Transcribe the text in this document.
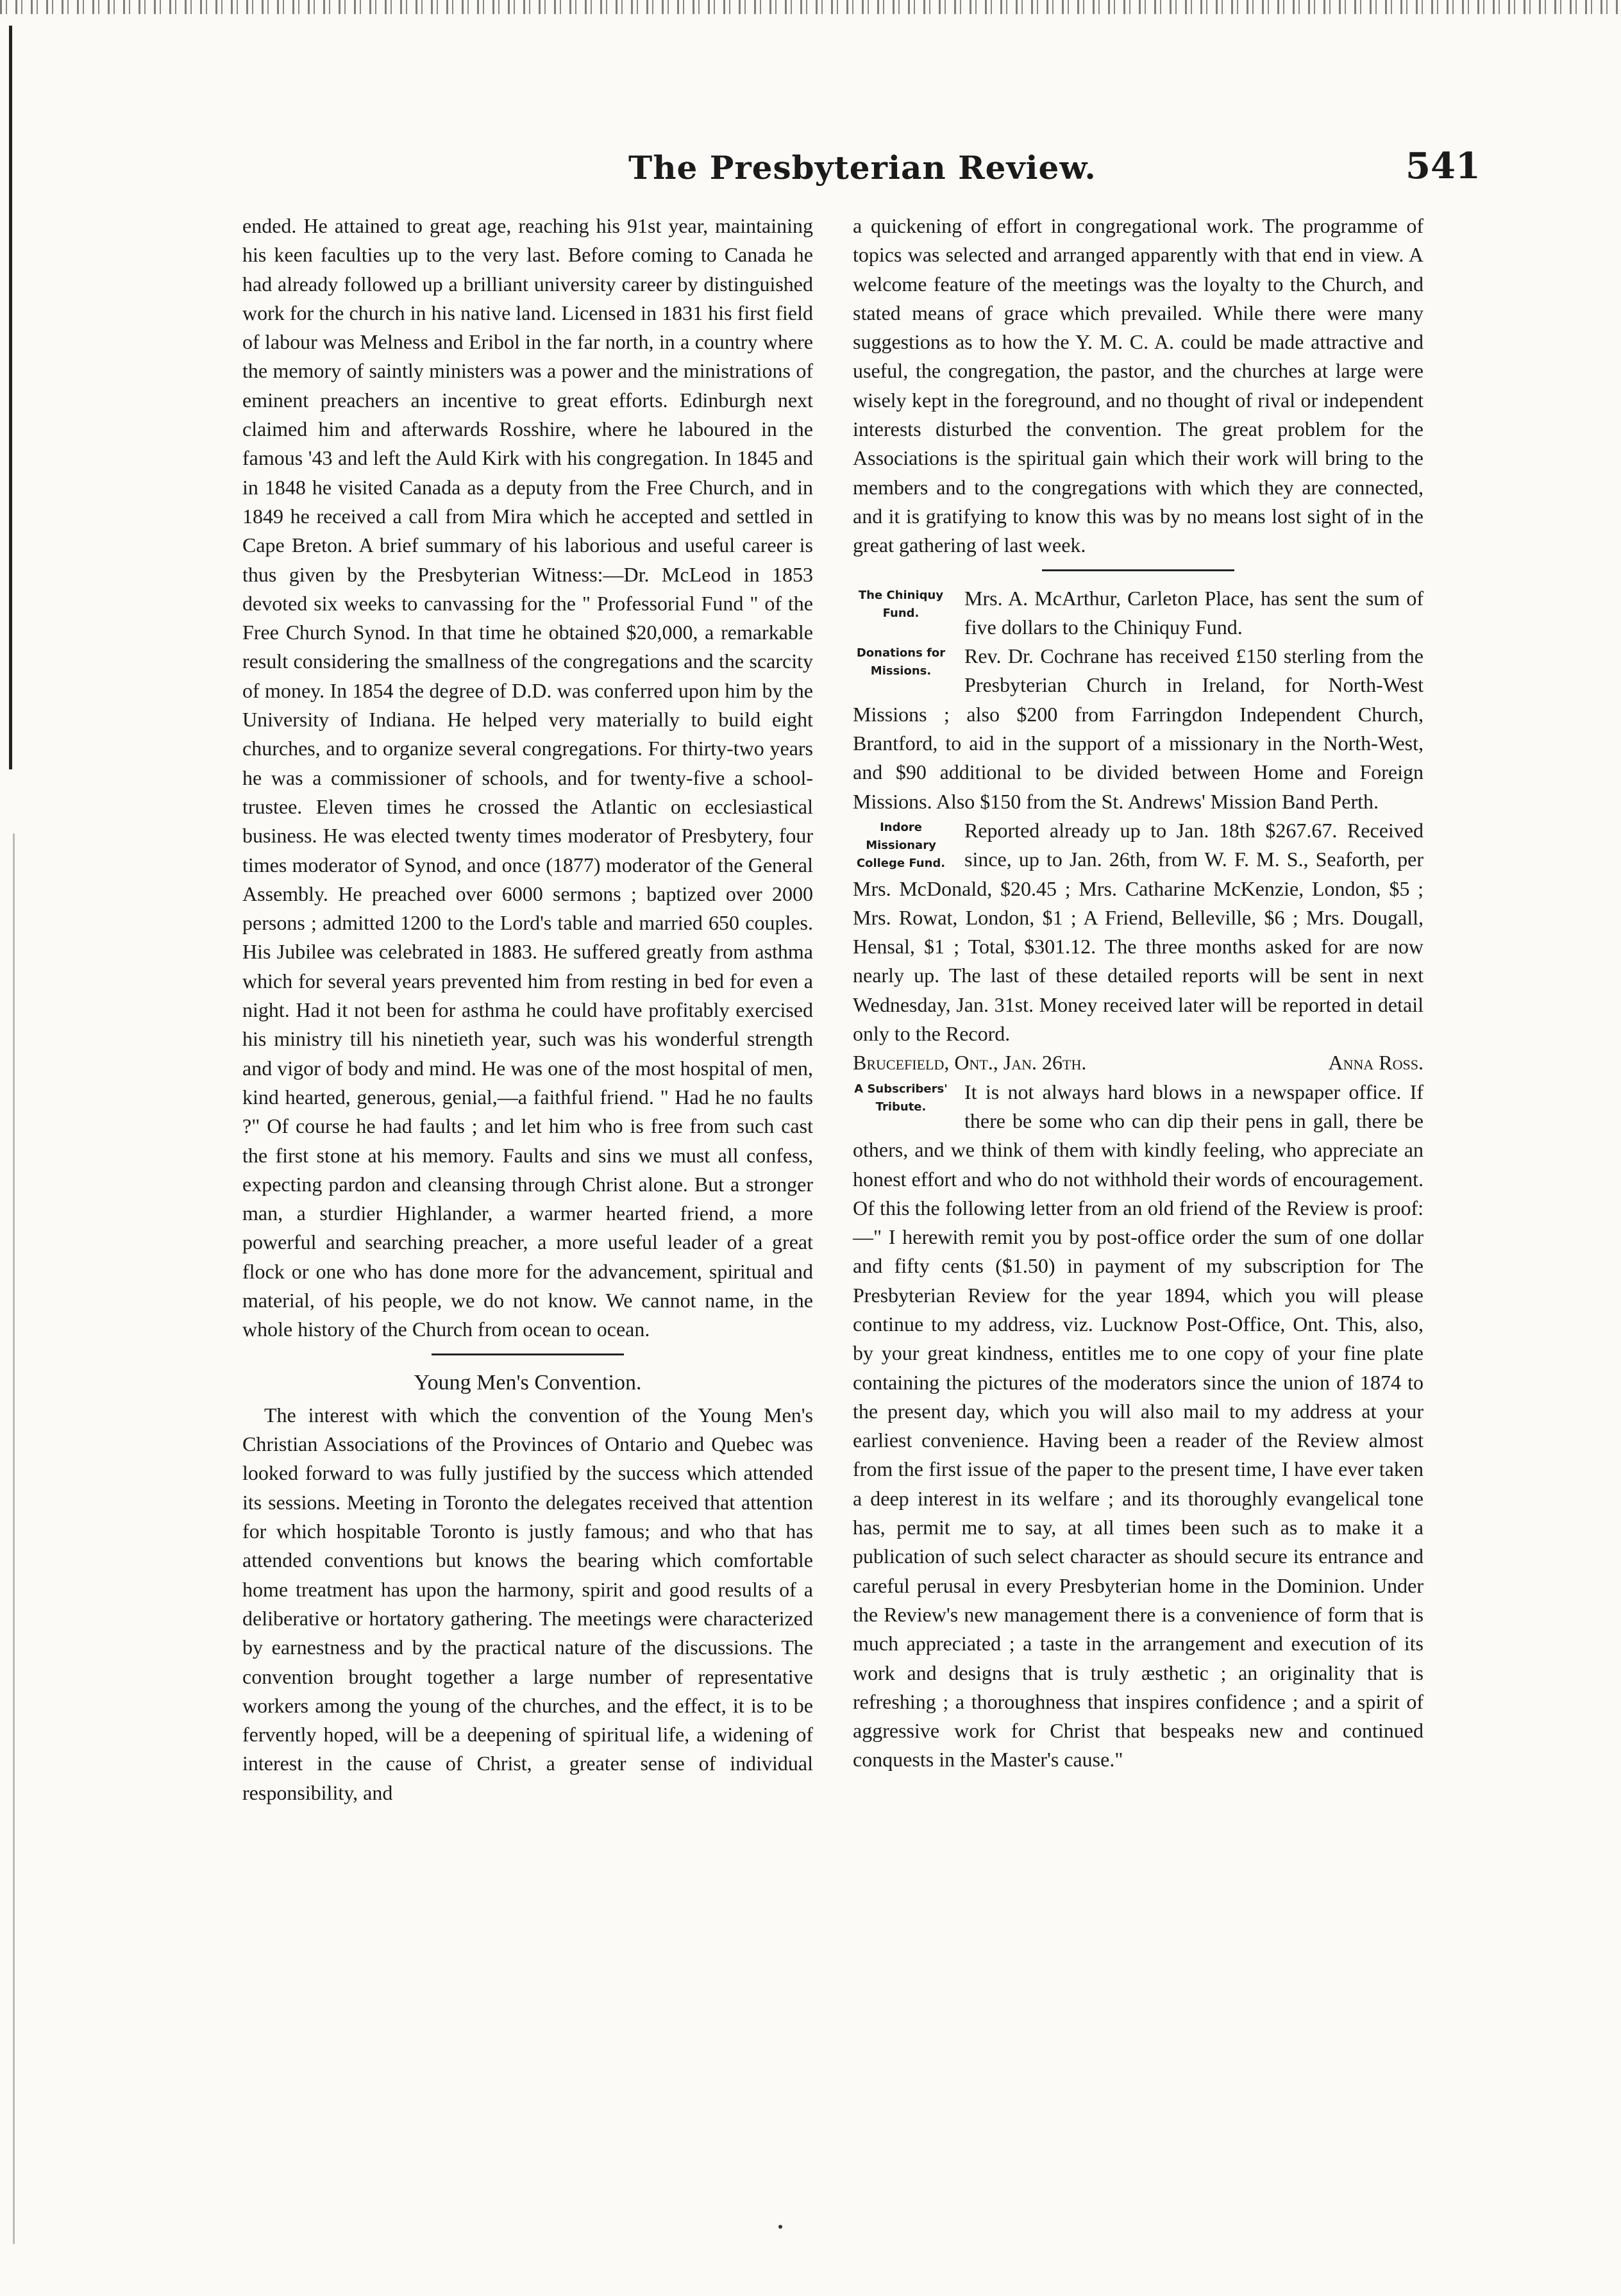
The Presbyterian Review.	541

ended. He attained to great age, reaching his 91st year, maintaining his keen faculties up to the very last. Before coming to Canada he had already followed up a brilliant university career by distinguished work for the church in his native land. Licensed in 1831 his first field of labour was Melness and Eribol in the far north, in a country where the memory of saintly ministers was a power and the ministrations of eminent preachers an incentive to great efforts. Edinburgh next claimed him and afterwards Rosshire, where he laboured in the famous '43 and left the Auld Kirk with his congregation. In 1845 and in 1848 he visited Canada as a deputy from the Free Church, and in 1849 he received a call from Mira which he accepted and settled in Cape Breton. A brief summary of his laborious and useful career is thus given by the Presbyterian Witness:—Dr. McLeod in 1853 devoted six weeks to canvassing for the " Professorial Fund " of the Free Church Synod. In that time he obtained $20,000, a remarkable result considering the smallness of the congregations and the scarcity of money. In 1854 the degree of D.D. was conferred upon him by the University of Indiana. He helped very materially to build eight churches, and to organize several congregations. For thirty-two years he was a commissioner of schools, and for twenty-five a school-trustee. Eleven times he crossed the Atlantic on ecclesiastical business. He was elected twenty times moderator of Presbytery, four times moderator of Synod, and once (1877) moderator of the General Assembly. He preached over 6000 sermons ; baptized over 2000 persons ; admitted 1200 to the Lord's table and married 650 couples. His Jubilee was celebrated in 1883. He suffered greatly from asthma which for several years prevented him from resting in bed for even a night. Had it not been for asthma he could have profitably exercised his ministry till his ninetieth year, such was his wonderful strength and vigor of body and mind. He was one of the most hospital of men, kind hearted, generous, genial,—a faithful friend. " Had he no faults ?" Of course he had faults ; and let him who is free from such cast the first stone at his memory. Faults and sins we must all confess, expecting pardon and cleansing through Christ alone. But a stronger man, a sturdier Highlander, a warmer hearted friend, a more powerful and searching preacher, a more useful leader of a great flock or one who has done more for the advancement, spiritual and material, of his people, we do not know. We cannot name, in the whole history of the Church from ocean to ocean.

Young Men's Convention.

The interest with which the convention of the Young Men's Christian Associations of the Provinces of Ontario and Quebec was looked forward to was fully justified by the success which attended its sessions. Meeting in Toronto the delegates received that attention for which hospitable Toronto is justly famous; and who that has attended conventions but knows the bearing which comfortable home treatment has upon the harmony, spirit and good results of a deliberative or hortatory gathering. The meetings were characterized by earnestness and by the practical nature of the discussions. The convention brought together a large number of representative workers among the young of the churches, and the effect, it is to be fervently hoped, will be a deepening of spiritual life, a widening of interest in the cause of Christ, a greater sense of individual responsibility, and

a quickening of effort in congregational work. The programme of topics was selected and arranged apparently with that end in view. A welcome feature of the meetings was the loyalty to the Church, and stated means of grace which prevailed. While there were many suggestions as to how the Y. M. C. A. could be made attractive and useful, the congregation, the pastor, and the churches at large were wisely kept in the foreground, and no thought of rival or independent interests disturbed the convention. The great problem for the Associations is the spiritual gain which their work will bring to the members and to the congregations with which they are connected, and it is gratifying to know this was by no means lost sight of in the great gathering of last week.

The Chiniquy Fund.

Mrs. A. McArthur, Carleton Place, has sent the sum of five dollars to the Chiniquy Fund.

Donations for Missions.

Rev. Dr. Cochrane has received £150 sterling from the Presbyterian Church in Ireland, for North-West Missions ; also $200 from Farringdon Independent Church, Brantford, to aid in the support of a missionary in the North-West, and $90 additional to be divided between Home and Foreign Missions. Also $150 from the St. Andrews' Mission Band Perth.

Indore Missionary College Fund.

Reported already up to Jan. 18th $267.67. Received since, up to Jan. 26th, from W. F. M. S., Seaforth, per Mrs. McDonald, $20.45 ; Mrs. Catharine McKenzie, London, $5 ; Mrs. Rowat, London, $1 ; A Friend, Belleville, $6 ; Mrs. Dougall, Hensal, $1 ; Total, $301.12. The three months asked for are now nearly up. The last of these detailed reports will be sent in next Wednesday, Jan. 31st. Money received later will be reported in detail only to the Record.

Brucefield, Ont., Jan. 26th.	Anna Ross.
A Subscribers' Tribute.

It is not always hard blows in a newspaper office. If there be some who can dip their pens in gall, there be others, and we think of them with kindly feeling, who appreciate an honest effort and who do not withhold their words of encouragement. Of this the following letter from an old friend of the Review is proof:—" I herewith remit you by post-office order the sum of one dollar and fifty cents ($1.50) in payment of my subscription for The Presbyterian Review for the year 1894, which you will please continue to my address, viz. Lucknow Post-Office, Ont. This, also, by your great kindness, entitles me to one copy of your fine plate containing the pictures of the moderators since the union of 1874 to the present day, which you will also mail to my address at your earliest convenience. Having been a reader of the Review almost from the first issue of the paper to the present time, I have ever taken a deep interest in its welfare ; and its thoroughly evangelical tone has, permit me to say, at all times been such as to make it a publication of such select character as should secure its entrance and careful perusal in every Presbyterian home in the Dominion. Under the Review's new management there is a convenience of form that is much appreciated ; a taste in the arrangement and execution of its work and designs that is truly æsthetic ; an originality that is refreshing ; a thoroughness that inspires confidence ; and a spirit of aggressive work for Christ that bespeaks new and continued conquests in the Master's cause."
